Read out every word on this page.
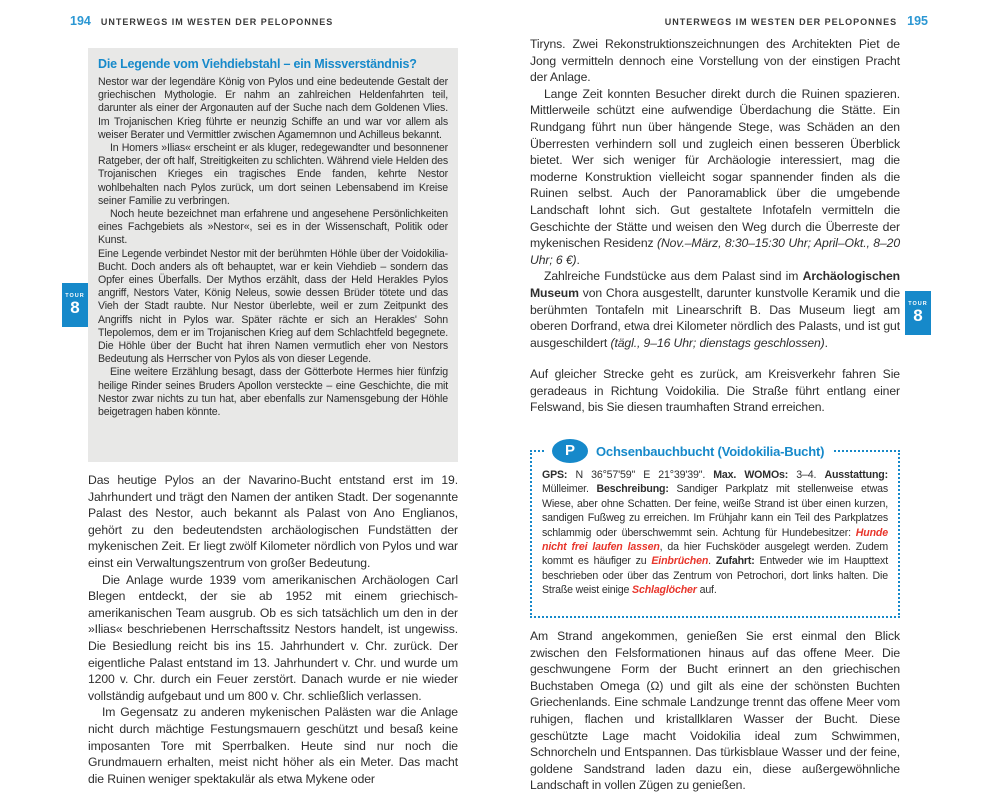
194 UNTERWEGS IM WESTEN DER PELOPONNES	UNTERWEGS IM WESTEN DER PELOPONNES 195
Die Legende vom Viehdiebstahl – ein Missverständnis?

Nestor war der legendäre König von Pylos und eine bedeutende Gestalt der griechischen Mythologie. Er nahm an zahlreichen Heldenfahrten teil, darunter als einer der Argonauten auf der Suche nach dem Goldenen Vlies. Im Trojanischen Krieg führte er neunzig Schiffe an und war vor allem als weiser Berater und Vermittler zwischen Agamemnon und Achilleus bekannt.

In Homers »Ilias« erscheint er als kluger, redegewandter und besonnener Ratgeber, der oft half, Streitigkeiten zu schlichten. Während viele Helden des Trojanischen Krieges ein tragisches Ende fanden, kehrte Nestor wohlbehalten nach Pylos zurück, um dort seinen Lebensabend im Kreise seiner Familie zu verbringen.

Noch heute bezeichnet man erfahrene und angesehene Persönlichkeiten eines Fachgebiets als »Nestor«, sei es in der Wissenschaft, Politik oder Kunst.

Eine Legende verbindet Nestor mit der berühmten Höhle über der Voidokilia-Bucht. Doch anders als oft behauptet, war er kein Viehdieb – sondern das Opfer eines Überfalls. Der Mythos erzählt, dass der Held Herakles Pylos angriff, Nestors Vater, König Neleus, sowie dessen Brüder tötete und das Vieh der Stadt raubte. Nur Nestor überlebte, weil er zum Zeitpunkt des Angriffs nicht in Pylos war. Später rächte er sich an Herakles' Sohn Tlepolemos, dem er im Trojanischen Krieg auf dem Schlachtfeld begegnete. Die Höhle über der Bucht hat ihren Namen vermutlich eher von Nestors Bedeutung als Herrscher von Pylos als von dieser Legende.

Eine weitere Erzählung besagt, dass der Götterbote Hermes hier fünfzig heilige Rinder seines Bruders Apollon versteckte – eine Geschichte, die mit Nestor zwar nichts zu tun hat, aber ebenfalls zur Namensgebung der Höhle beigetragen haben könnte.

TOUR
8

Das heutige Pylos an der Navarino-Bucht entstand erst im 19. Jahrhundert und trägt den Namen der antiken Stadt. Der sogenannte Palast des Nestor, auch bekannt als Palast von Ano Englianos, gehört zu den bedeutendsten archäologischen Fundstätten der mykenischen Zeit. Er liegt zwölf Kilometer nördlich von Pylos und war einst ein Verwaltungszentrum von großer Bedeutung.

Die Anlage wurde 1939 vom amerikanischen Archäologen Carl Blegen entdeckt, der sie ab 1952 mit einem griechisch-amerikanischen Team ausgrub. Ob es sich tatsächlich um den in der »Ilias« beschriebenen Herrschaftssitz Nestors handelt, ist ungewiss. Die Besiedlung reicht bis ins 15. Jahrhundert v. Chr. zurück. Der eigentliche Palast entstand im 13. Jahrhundert v. Chr. und wurde um 1200 v. Chr. durch ein Feuer zerstört. Danach wurde er nie wieder vollständig aufgebaut und um 800 v. Chr. schließlich verlassen.

Im Gegensatz zu anderen mykenischen Palästen war die Anlage nicht durch mächtige Festungsmauern geschützt und besaß keine imposanten Tore mit Sperrbalken. Heute sind nur noch die Grundmauern erhalten, meist nicht höher als ein Meter. Das macht die Ruinen weniger spektakulär als etwa Mykene oder

Tiryns. Zwei Rekonstruktionszeichnungen des Architekten Piet de Jong vermitteln dennoch eine Vorstellung von der einstigen Pracht der Anlage.

Lange Zeit konnten Besucher direkt durch die Ruinen spazieren. Mittlerweile schützt eine aufwendige Überdachung die Stätte. Ein Rundgang führt nun über hängende Stege, was Schäden an den Überresten verhindern soll und zugleich einen besseren Überblick bietet. Wer sich weniger für Archäologie interessiert, mag die moderne Konstruktion vielleicht sogar spannender finden als die Ruinen selbst. Auch der Panoramablick über die umgebende Landschaft lohnt sich. Gut gestaltete Infotafeln vermitteln die Geschichte der Stätte und weisen den Weg durch die Überreste der mykenischen Residenz (Nov.–März, 8:30–15:30 Uhr; April–Okt., 8–20 Uhr; 6 €).

Zahlreiche Fundstücke aus dem Palast sind im Archäologischen Museum von Chora ausgestellt, darunter kunstvolle Keramik und die berühmten Tontafeln mit Linearschrift B. Das Museum liegt am oberen Dorfrand, etwa drei Kilometer nördlich des Palasts, und ist gut ausgeschildert (tägl., 9–16 Uhr; dienstags geschlossen).

Auf gleicher Strecke geht es zurück, am Kreisverkehr fahren Sie geradeaus in Richtung Voidokilia. Die Straße führt entlang einer Felswand, bis Sie diesen traumhaften Strand erreichen.

P	Ochsenbauchbucht (Voidokilia-Bucht)

GPS: N 36°57'59" E 21°39'39". Max. WOMOs: 3–4. Ausstattung: Mülleimer. Beschreibung: Sandiger Parkplatz mit stellenweise etwas Wiese, aber ohne Schatten. Der feine, weiße Strand ist über einen kurzen, sandigen Fußweg zu erreichen. Im Frühjahr kann ein Teil des Parkplatzes schlammig oder überschwemmt sein. Achtung für Hundebesitzer: Hunde nicht frei laufen lassen, da hier Fuchsköder ausgelegt werden. Zudem kommt es häufiger zu Einbrüchen. Zufahrt: Entweder wie im Haupttext beschrieben oder über das Zentrum von Petrochori, dort links halten. Die Straße weist einige Schlaglöcher auf.

Am Strand angekommen, genießen Sie erst einmal den Blick zwischen den Felsformationen hinaus auf das offene Meer. Die geschwungene Form der Bucht erinnert an den griechischen Buchstaben Omega (Ω) und gilt als eine der schönsten Buchten Griechenlands. Eine schmale Landzunge trennt das offene Meer vom ruhigen, flachen und kristallklaren Wasser der Bucht. Diese geschützte Lage macht Voidokilia ideal zum Schwimmen, Schnorcheln und Entspannen. Das türkisblaue Wasser und der feine, goldene Sandstrand laden dazu ein, diese außergewöhnliche Landschaft in vollen Zügen zu genießen.

TOUR
8
